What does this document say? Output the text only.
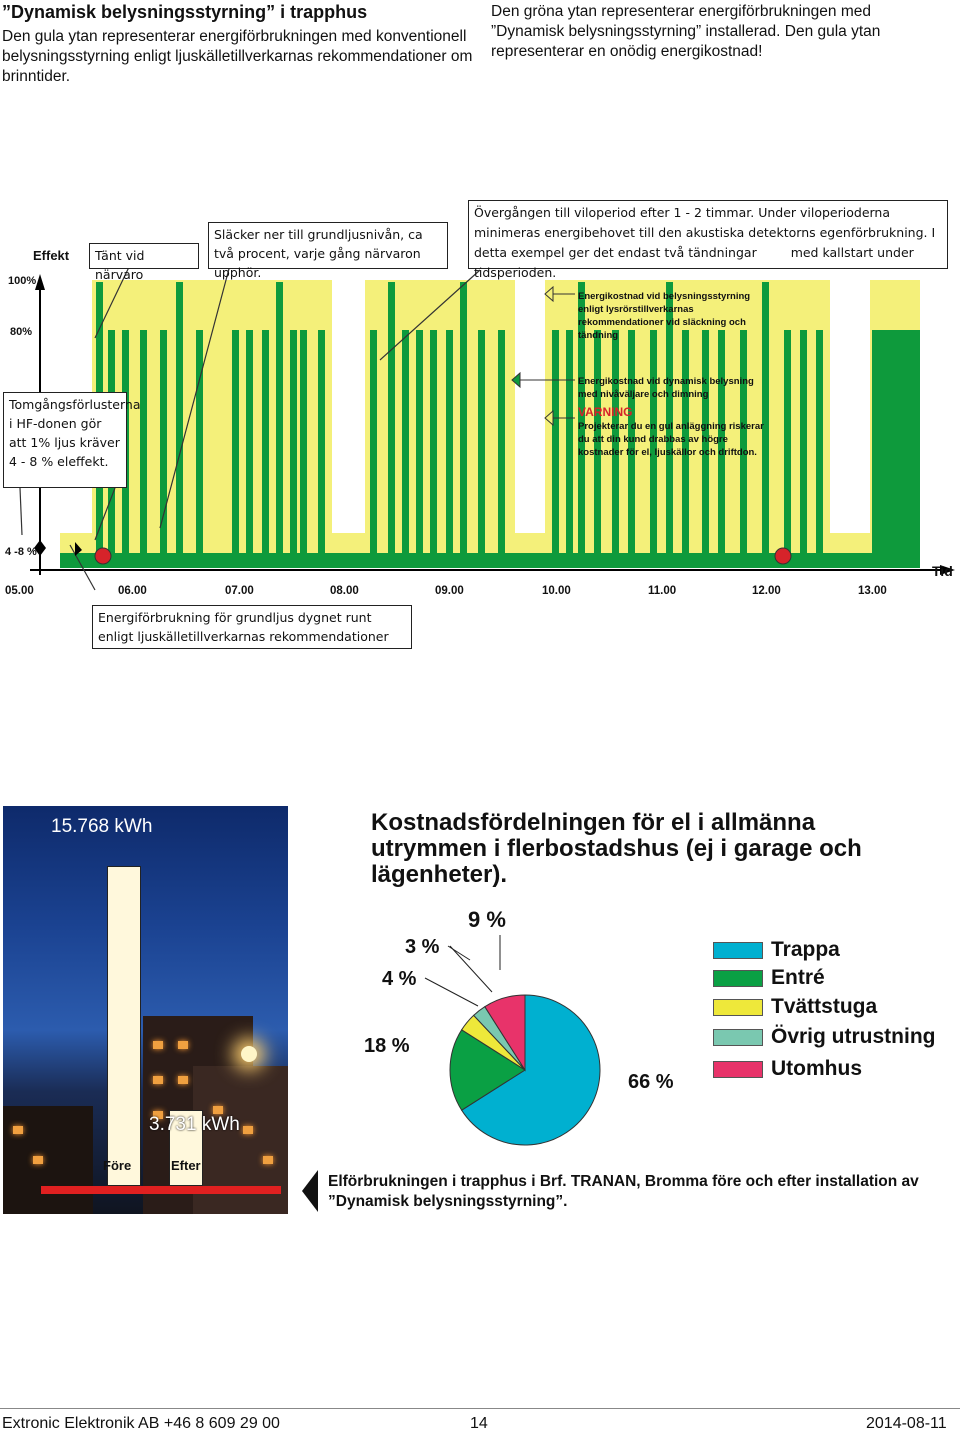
”Dynamisk belysningsstyrning” i trapphus
Den gula ytan representerar energiförbrukningen med konventionell belysningsstyrning enligt ljuskälletillverkarnas rekommendationer om brinntider.
Den gröna ytan representerar energiförbrukningen med ”Dynamisk belysningsstyrning” installerad. Den gula ytan representerar en onödig energikostnad!
Effekt
100%
80%
4 -8 %
Tid
05.00	06.00	07.00	08.00	09.00	10.00	11.00	12.00	13.00
Tänt vid närvaro
Släcker ner till grundljusnivån, ca två procent, varje gång närvaron upphör.
Övergången till viloperiod efter 1 - 2 timmar. Under viloperioderna minimeras energibehovet till den akustiska detektorns egenförbrukning. I detta exempel ger det endast två tändningar	med kallstart under tidsperioden.
Tomgångsförlusterna i HF-donen gör att 1% ljus kräver 4 - 8 % eleffekt.
Energiförbrukning för grundljus dygnet runt enligt ljuskälletillverkarnas rekommendationer
Energikostnad vid belysningsstyrning enligt lysrörstillverkarnas rekommendationer vid släckning och tändning
Energikostnad vid dynamisk belysning med nivåväljare och dimning
VARNING
Projekterar du en gul anläggning riskerar du att din kund drabbas av högre kostnader för el, ljuskällor och driftdon.
15.768 kWh
3.731 kWh
Före	Efter
Kostnadsfördelningen för el i allmänna utrymmen i flerbostadshus (ej i garage och lägenheter).
9 %
3 %
4 %
18 %
66 %
Trappa
Entré
Tvättstuga
Övrig utrustning
Utomhus
Elförbrukningen i trapphus i Brf. TRANAN, Bromma före och efter installation av ”Dynamisk belysningsstyrning”.
Extronic Elektronik AB +46 8 609 29 00	14	2014-08-11
